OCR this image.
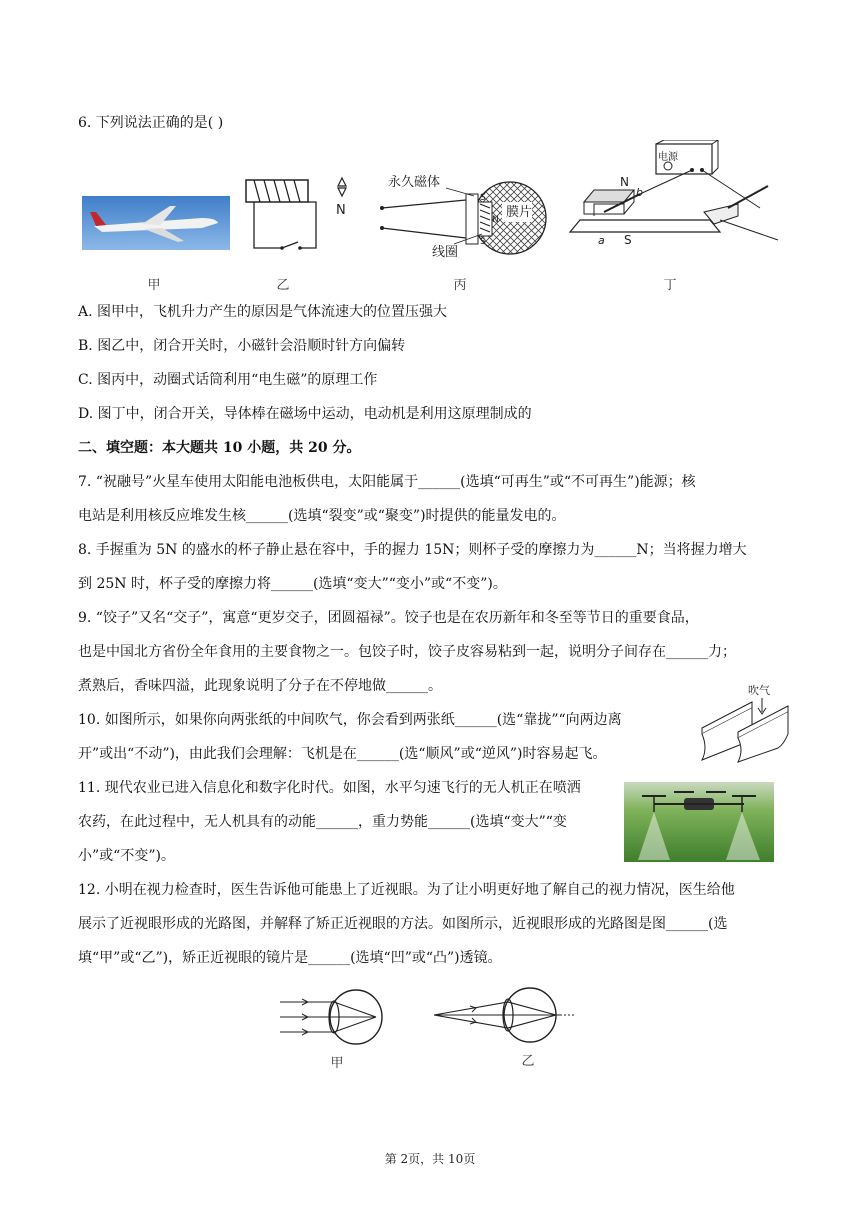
6. 下列说法正确的是( )
甲
N
乙
永久磁体
膜片
S
S
N
线圈
丙
电源
N
S
a
b
丁
A. 图甲中，飞机升力产生的原因是气体流速大的位置压强大
B. 图乙中，闭合开关时，小磁针会沿顺时针方向偏转
C. 图丙中，动圈式话筒利用“电生磁”的原理工作
D. 图丁中，闭合开关，导体棒在磁场中运动，电动机是利用这原理制成的
二、填空题：本大题共 10 小题，共 20 分。
7. “祝融号”火星车使用太阳能电池板供电，太阳能属于______(选填“可再生”或“不可再生”)能源；核
电站是利用核反应堆发生核______(选填“裂变”或“聚变”)时提供的能量发电的。
8. 手握重为 5N 的盛水的杯子静止悬在容中，手的握力 15N；则杯子受的摩擦力为______N；当将握力增大
到 25N 时，杯子受的摩擦力将______(选填“变大”“变小”或“不变”)。
9. “饺子”又名“交子”，寓意“更岁交子，团圆福禄”。饺子也是在农历新年和冬至等节日的重要食品，
也是中国北方省份全年食用的主要食物之一。包饺子时，饺子皮容易粘到一起，说明分子间存在______力；
煮熟后，香味四溢，此现象说明了分子在不停地做______。
10. 如图所示，如果你向两张纸的中间吹气，你会看到两张纸______(选“靠拢”“向两边离
开”或出“不动”)，由此我们会理解：飞机是在______(选“顺风”或“逆风”)时容易起飞。
吹气
11. 现代农业已进入信息化和数字化时代。如图，水平匀速飞行的无人机正在喷洒
农药，在此过程中，无人机具有的动能______，重力势能______(选填“变大”“变
小”或“不变”)。
12. 小明在视力检查时，医生告诉他可能患上了近视眼。为了让小明更好地了解自己的视力情况，医生给他
展示了近视眼形成的光路图，并解释了矫正近视眼的方法。如图所示，近视眼形成的光路图是图______(选
填“甲”或“乙”)，矫正近视眼的镜片是______(选填“凹”或“凸”)透镜。
甲	乙
第 2页，共 10页
